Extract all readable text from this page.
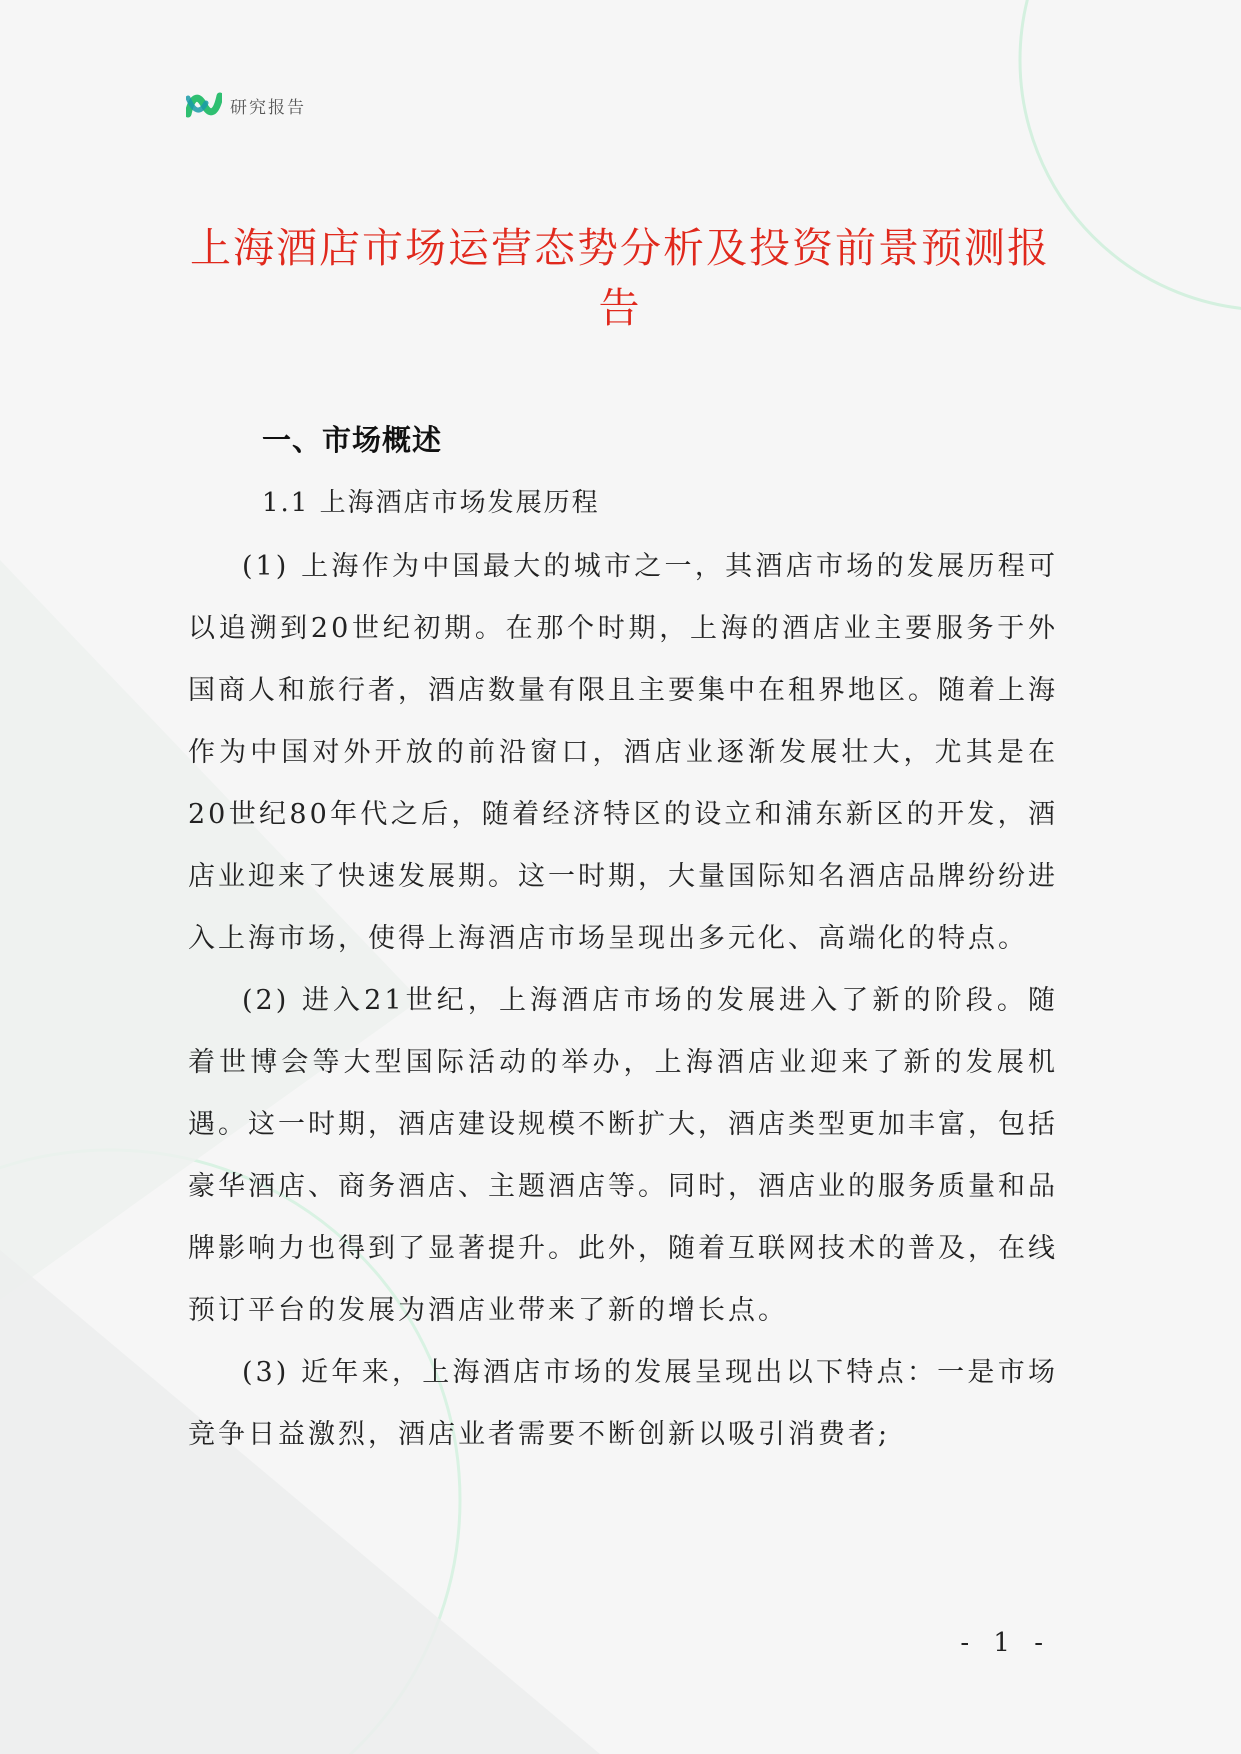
研究报告
上海酒店市场运营态势分析及投资前景预测报告
一、市场概述
1.1 上海酒店市场发展历程

(1) 上海作为中国最大的城市之一，其酒店市场的发展历程可以追溯到20世纪初期。在那个时期，上海的酒店业主要服务于外国商人和旅行者，酒店数量有限且主要集中在租界地区。随着上海作为中国对外开放的前沿窗口，酒店业逐渐发展壮大，尤其是在20世纪80年代之后，随着经济特区的设立和浦东新区的开发，酒店业迎来了快速发展期。这一时期，大量国际知名酒店品牌纷纷进入上海市场，使得上海酒店市场呈现出多元化、高端化的特点。

(2) 进入21世纪，上海酒店市场的发展进入了新的阶段。随着世博会等大型国际活动的举办，上海酒店业迎来了新的发展机遇。这一时期，酒店建设规模不断扩大，酒店类型更加丰富，包括豪华酒店、商务酒店、主题酒店等。同时，酒店业的服务质量和品牌影响力也得到了显著提升。此外，随着互联网技术的普及，在线预订平台的发展为酒店业带来了新的增长点。

(3) 近年来，上海酒店市场的发展呈现出以下特点：一是市场竞争日益激烈，酒店业者需要不断创新以吸引消费者;

- 1 -
